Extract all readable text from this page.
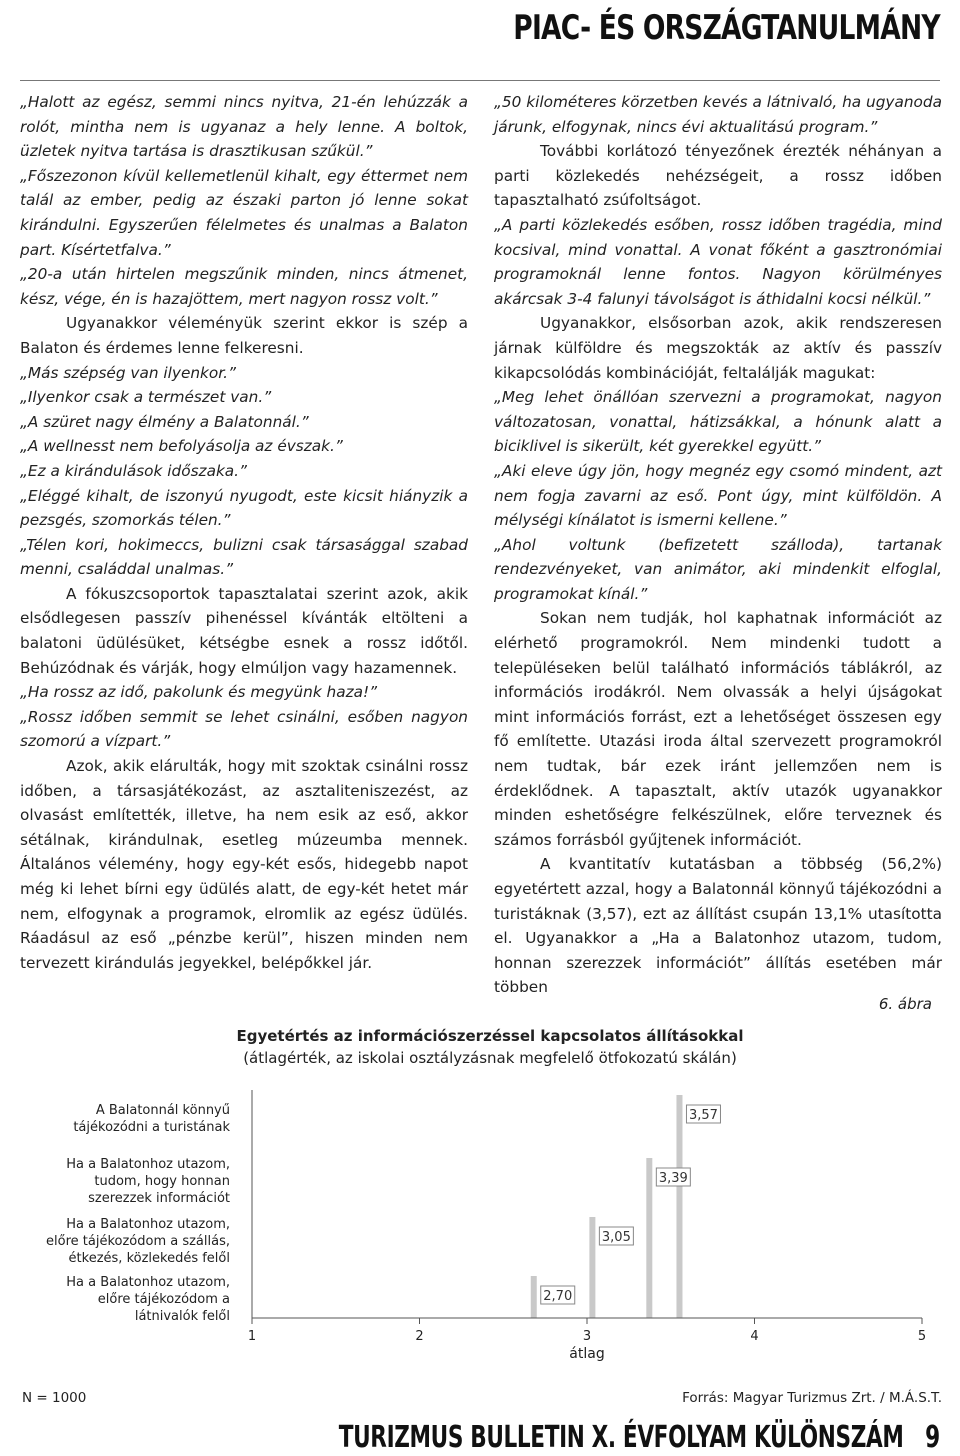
PIAC- ÉS ORSZÁGTANULMÁNY

„Halott az egész, semmi nincs nyitva, 21-én lehúzzák a rolót, mintha nem is ugyanaz a hely lenne. A boltok, üzletek nyitva tartása is drasztikusan szűkül.”

„Főszezonon kívül kellemetlenül kihalt, egy éttermet nem talál az ember, pedig az északi parton jó lenne sokat kirándulni. Egyszerűen félelmetes és unalmas a Balaton part. Kísértetfalva.”

„20-a után hirtelen megszűnik minden, nincs átmenet, kész, vége, én is hazajöttem, mert nagyon rossz volt.”

Ugyanakkor véleményük szerint ekkor is szép a Balaton és érdemes lenne felkeresni.

„Más szépség van ilyenkor.”

„Ilyenkor csak a természet van.”

„A szüret nagy élmény a Balatonnál.”

„A wellnesst nem befolyásolja az évszak.”

„Ez a kirándulások időszaka.”

„Eléggé kihalt, de iszonyú nyugodt, este kicsit hiányzik a pezsgés, szomorkás télen.”

„Télen kori, hokimeccs, bulizni csak társasággal szabad menni, családdal unalmas.”

A fókuszcsoportok tapasztalatai szerint azok, akik elsődlegesen passzív pihenéssel kívánták eltölteni a balatoni üdülésüket, kétségbe esnek a rossz időtől. Behúzódnak és várják, hogy elmúljon vagy hazamennek.

„Ha rossz az idő, pakolunk és megyünk haza!”

„Rossz időben semmit se lehet csinálni, esőben nagyon szomorú a vízpart.”

Azok, akik elárulták, hogy mit szoktak csinálni rossz időben, a társasjátékozást, az asztaliteniszezést, az olvasást említették, illetve, ha nem esik az eső, akkor sétálnak, kirándulnak, esetleg múzeumba mennek. Általános vélemény, hogy egy-két esős, hidegebb napot még ki lehet bírni egy üdülés alatt, de egy-két hetet már nem, elfogynak a programok, elromlik az egész üdülés. Ráadásul az eső „pénzbe kerül”, hiszen minden nem tervezett kirándulás jegyekkel, belépőkkel jár.

„50 kilométeres körzetben kevés a látnivaló, ha ugyanoda járunk, elfogynak, nincs évi aktualitású program.”

További korlátozó tényezőnek érezték néhányan a parti közlekedés nehézségeit, a rossz időben tapasztalható zsúfoltságot.

„A parti közlekedés esőben, rossz időben tragédia, mind kocsival, mind vonattal. A vonat főként a gasztronómiai programoknál lenne fontos. Nagyon körülményes akárcsak 3-4 falunyi távolságot is áthidalni kocsi nélkül.”

Ugyanakkor, elsősorban azok, akik rendszeresen járnak külföldre és megszokták az aktív és passzív kikapcsolódás kombinációját, feltalálják magukat:

„Meg lehet önállóan szervezni a programokat, nagyon változatosan, vonattal, hátizsákkal, a hónunk alatt a biciklivel is sikerült, két gyerekkel együtt.”

„Aki eleve úgy jön, hogy megnéz egy csomó mindent, azt nem fogja zavarni az eső. Pont úgy, mint külföldön. A mélységi kínálatot is ismerni kellene.”

„Ahol voltunk (befizetett szálloda), tartanak rendezvényeket, van animátor, aki mindenkit elfoglal, programokat kínál.”

Sokan nem tudják, hol kaphatnak információt az elérhető programokról. Nem mindenki tudott a településeken belül található információs táblákról, az információs irodákról. Nem olvassák a helyi újságokat mint információs forrást, ezt a lehetőséget összesen egy fő említette. Utazási iroda által szervezett programokról nem tudtak, bár ezek iránt jellemzően nem is érdeklődnek. A tapasztalt, aktív utazók ugyanakkor minden eshetőségre felkészülnek, előre terveznek és számos forrásból gyűjtenek információt.

A kvantitatív kutatásban a többség (56,2%) egyetértett azzal, hogy a Balatonnál könnyű tájékozódni a turistáknak (3,57), ezt az állítást csupán 13,1% utasította el. Ugyanakkor a „Ha a Balatonhoz utazom, tudom, honnan szerezzek információt” állítás esetében már többen

6. ábra
Egyetértés az információszerzéssel kapcsolatos állításokkal
(átlagérték, az iskolai osztályzásnak megfelelő ötfokozatú skálán)
3,57
3,39
3,05
2,70
A Balatonnál könnyű
tájékozódni a turistának
Ha a Balatonhoz utazom,
tudom, hogy honnan
szerezzek információt
Ha a Balatonhoz utazom,
előre tájékozódom a szállás,
étkezés, közlekedés felől
Ha a Balatonhoz utazom,
előre tájékozódom a
látnivalók felől
1	2	3	4	5
átlag
N = 1000	Forrás: Magyar Turizmus Zrt. / M.Á.S.T.
TURIZMUS BULLETIN X. ÉVFOLYAM KÜLÖNSZÁM 9
